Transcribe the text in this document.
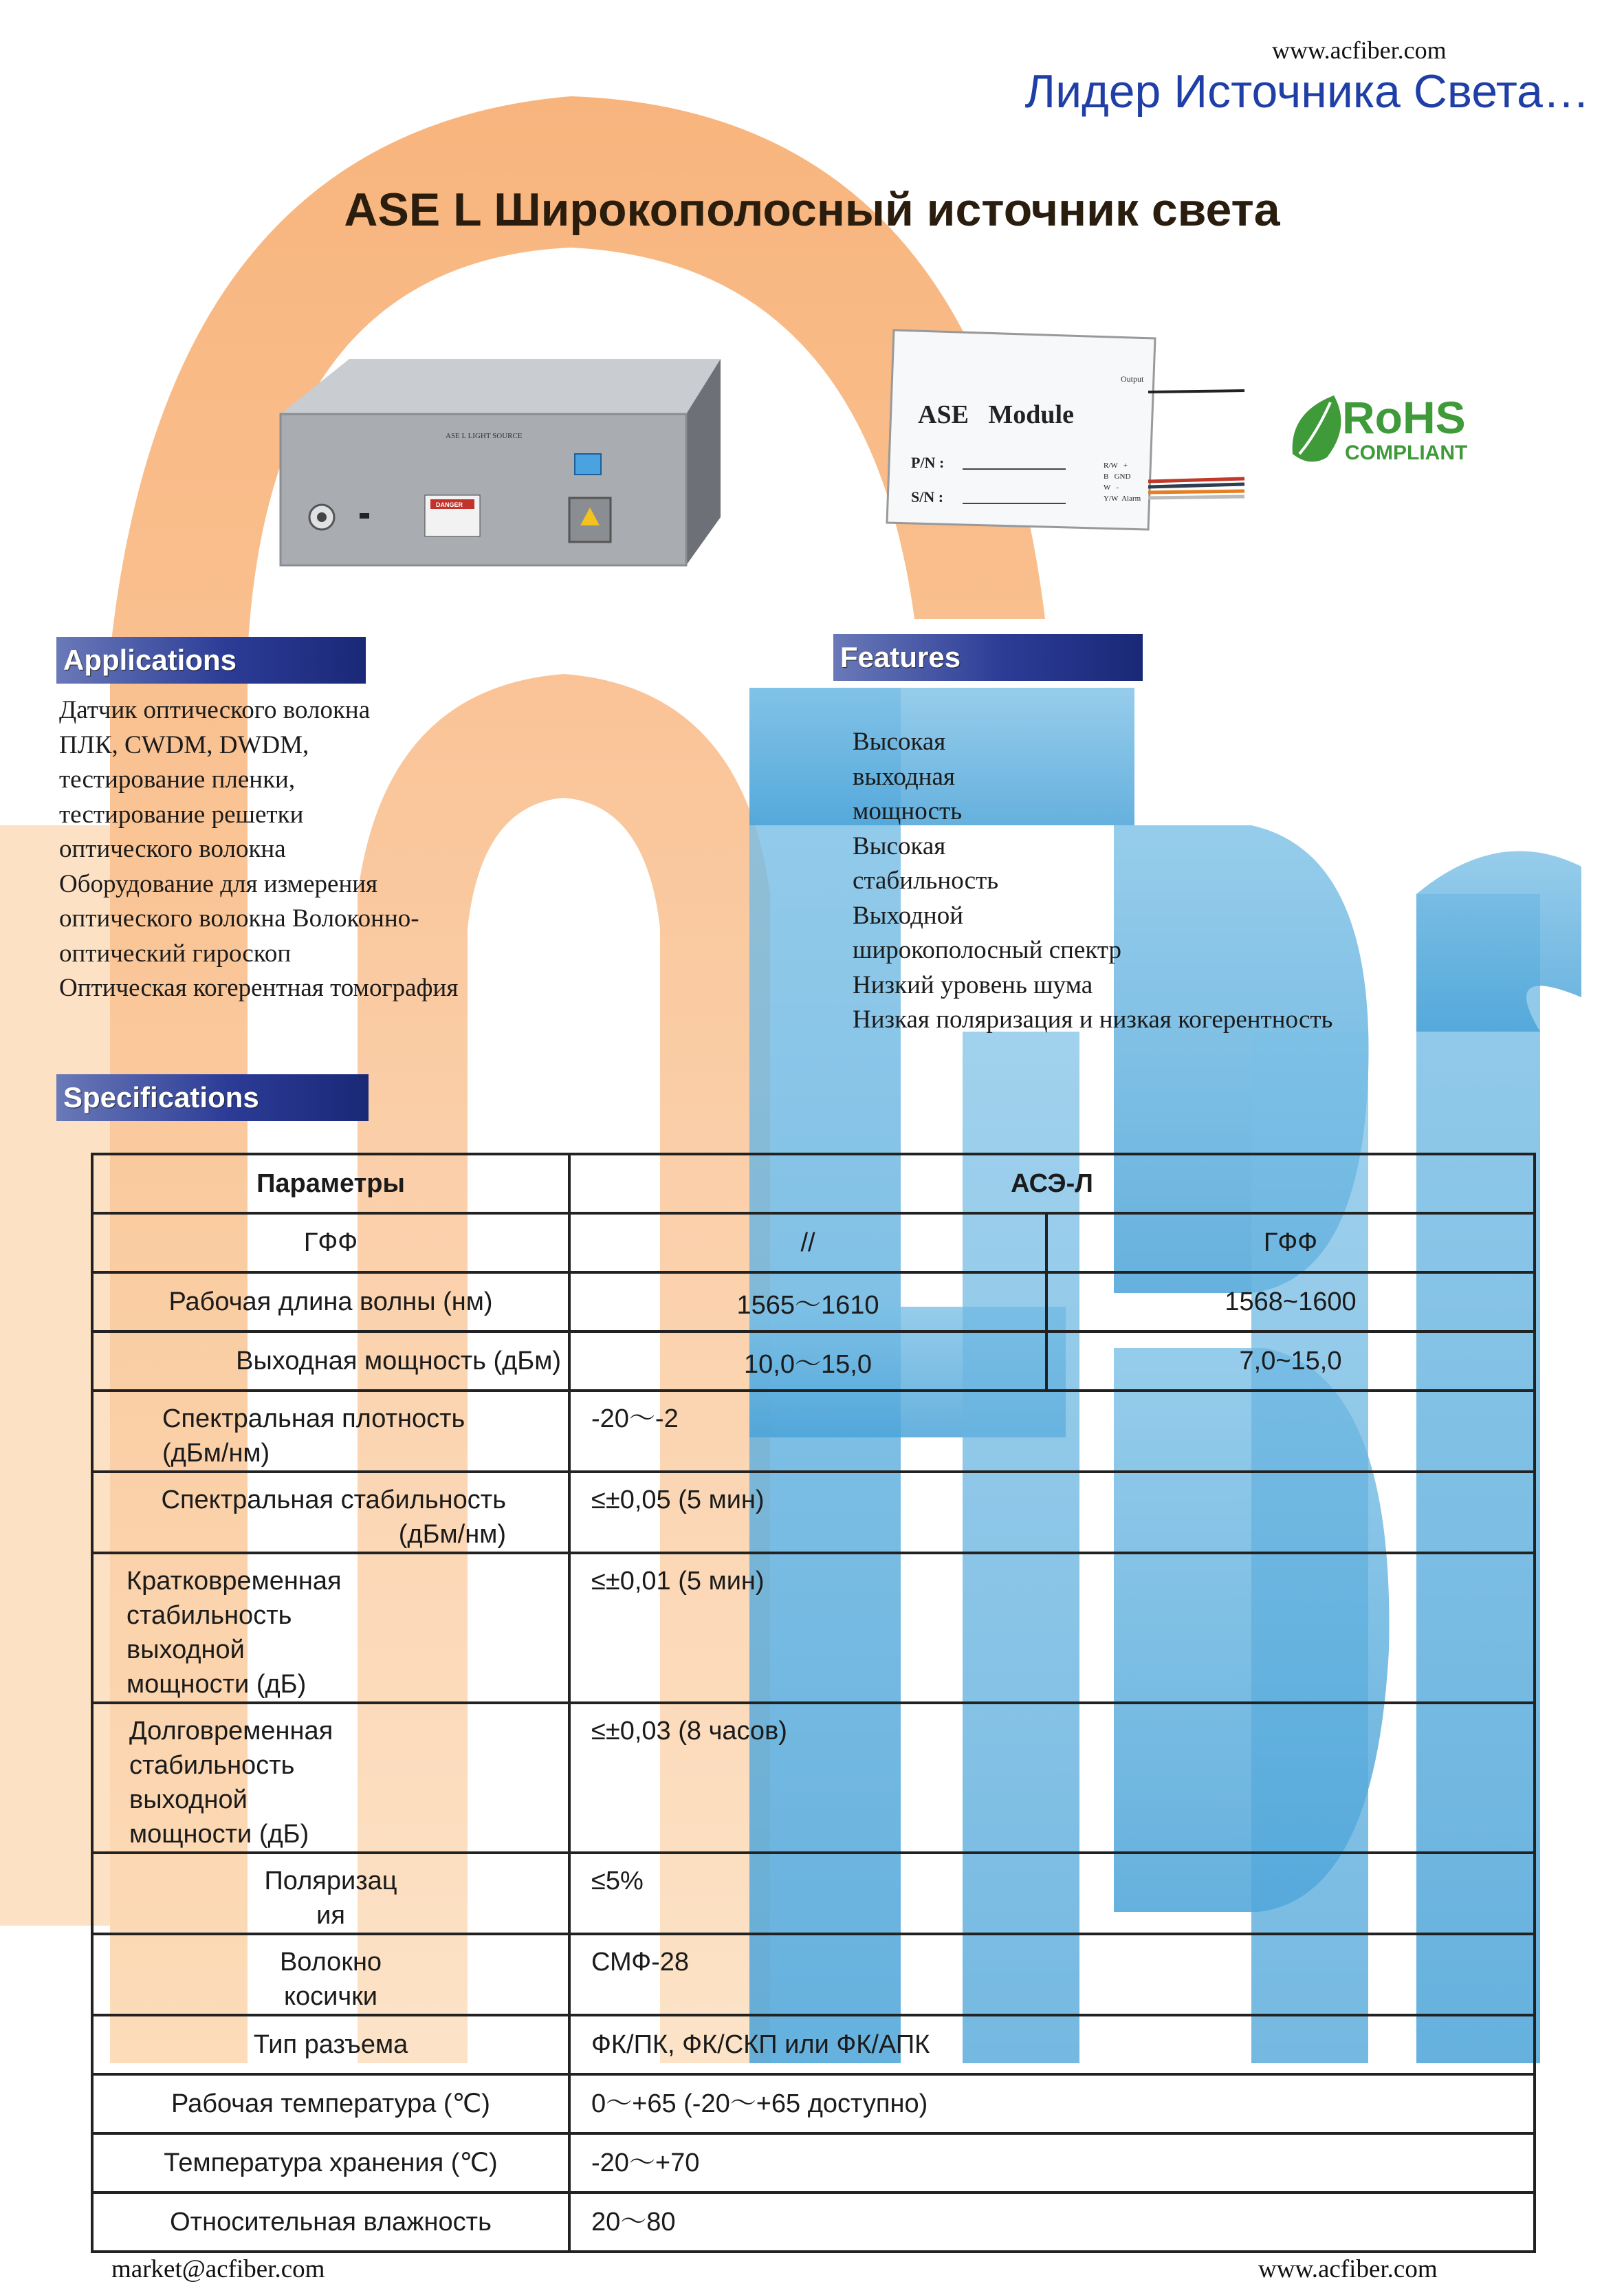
www.acfiber.com
Лидер Источника Света…
ASE L Широкополосный источник света
ASE L LIGHT SOURCE
DANGER
Output
ASE   Module
P/N :
S/N :
R/W   +
B   GND
W   -
Y/W  Alarm
RoHS
COMPLIANT
Applications
Датчик оптического волокна
ПЛК, CWDM, DWDM,
тестирование пленки,
тестирование решетки
оптического волокна
Оборудование для измерения
оптического волокна Волоконно-
оптический гироскоп
Оптическая когерентная томография
Features
Высокая
выходная
мощность
Высокая
стабильность
Выходной
широкополосный спектр
Низкий уровень шума
Низкая поляризация и низкая когерентность
Specifications
Параметры	АСЭ-Л	
ГФФ	//	ГФФ
Рабочая длина волны (нм)	1565～1610	1568~1600
Выходная мощность (дБм)	10,0～15,0	7,0~15,0
Спектральная плотность
(дБм/нм)	-20～-2	
Спектральная стабильность
(дБм/нм)	≤±0,05 (5 мин)	

Кратковременная
стабильность
выходной
мощности (дБ)	≤±0,01 (5 мин)	

Долговременная
стабильность
выходной
мощности (дБ)	≤±0,03 (8 часов)	
Поляризац
ия	≤5%	
Волокно
косички	СМФ-28	
Тип разъема	ФК/ПК, ФК/СКП или ФК/АПК	
Рабочая температура (℃)	0～+65 (-20～+65 доступно)	
Температура хранения (℃)	-20～+70	
Относительная влажность	20～80	
market@acfiber.com	www.acfiber.com
